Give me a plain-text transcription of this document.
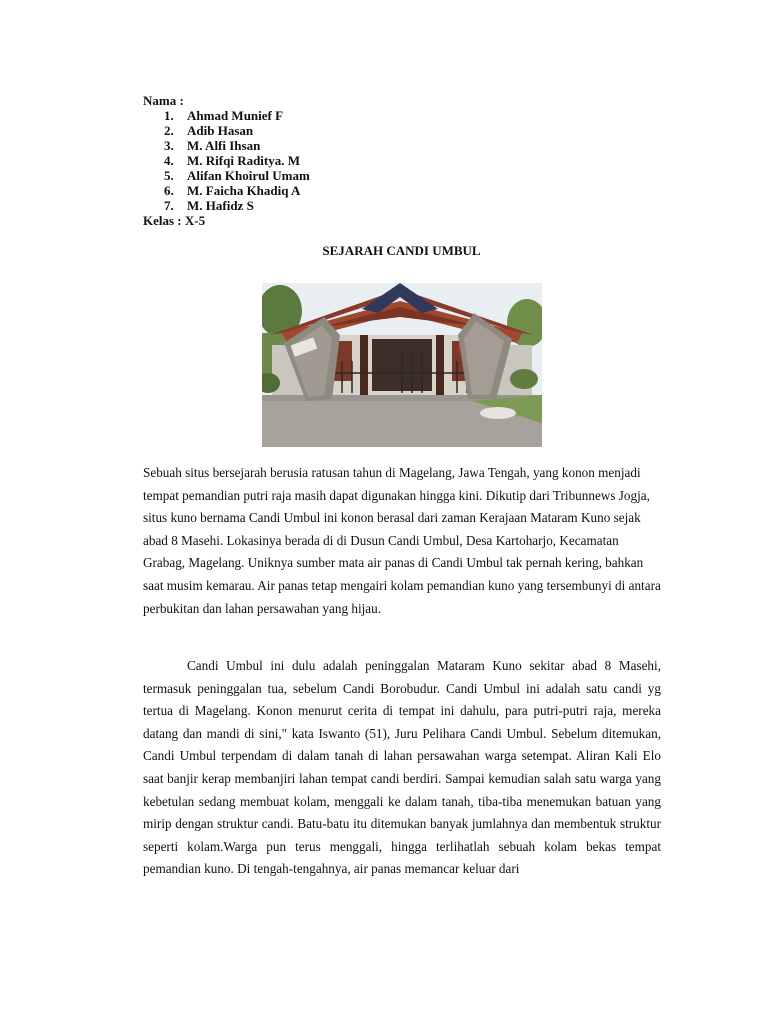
Nama :
1. Ahmad Munief F
2. Adib Hasan
3. M. Alfi Ihsan
4. M. Rifqi Raditya. M
5. Alifan Khoirul Umam
6. M. Faicha Khadiq A
7. M. Hafidz S
Kelas : X-5
SEJARAH CANDI UMBUL

Sebuah situs bersejarah berusia ratusan tahun di Magelang, Jawa Tengah, yang konon menjadi tempat pemandian putri raja masih dapat digunakan hingga kini. Dikutip dari Tribunnews Jogja, situs kuno bernama Candi Umbul ini konon berasal dari zaman Kerajaan Mataram Kuno sejak abad 8 Masehi. Lokasinya berada di di Dusun Candi Umbul, Desa Kartoharjo, Kecamatan Grabag, Magelang. Uniknya sumber mata air panas di Candi Umbul tak pernah kering, bahkan saat musim kemarau. Air panas tetap mengairi kolam pemandian kuno yang tersembunyi di antara perbukitan dan lahan persawahan yang hijau.

Candi Umbul ini dulu adalah peninggalan Mataram Kuno sekitar abad 8 Masehi, termasuk peninggalan tua, sebelum Candi Borobudur. Candi Umbul ini adalah satu candi yg tertua di Magelang. Konon menurut cerita di tempat ini dahulu, para putri-putri raja, mereka datang dan mandi di sini," kata Iswanto (51), Juru Pelihara Candi Umbul. Sebelum ditemukan, Candi Umbul terpendam di dalam tanah di lahan persawahan warga setempat. Aliran Kali Elo saat banjir kerap membanjiri lahan tempat candi berdiri. Sampai kemudian salah satu warga yang kebetulan sedang membuat kolam, menggali ke dalam tanah, tiba-tiba menemukan batuan yang mirip dengan struktur candi. Batu-batu itu ditemukan banyak jumlahnya dan membentuk struktur seperti kolam.Warga pun terus menggali, hingga terlihatlah sebuah kolam bekas tempat pemandian kuno. Di tengah-tengahnya, air panas memancar keluar dari
